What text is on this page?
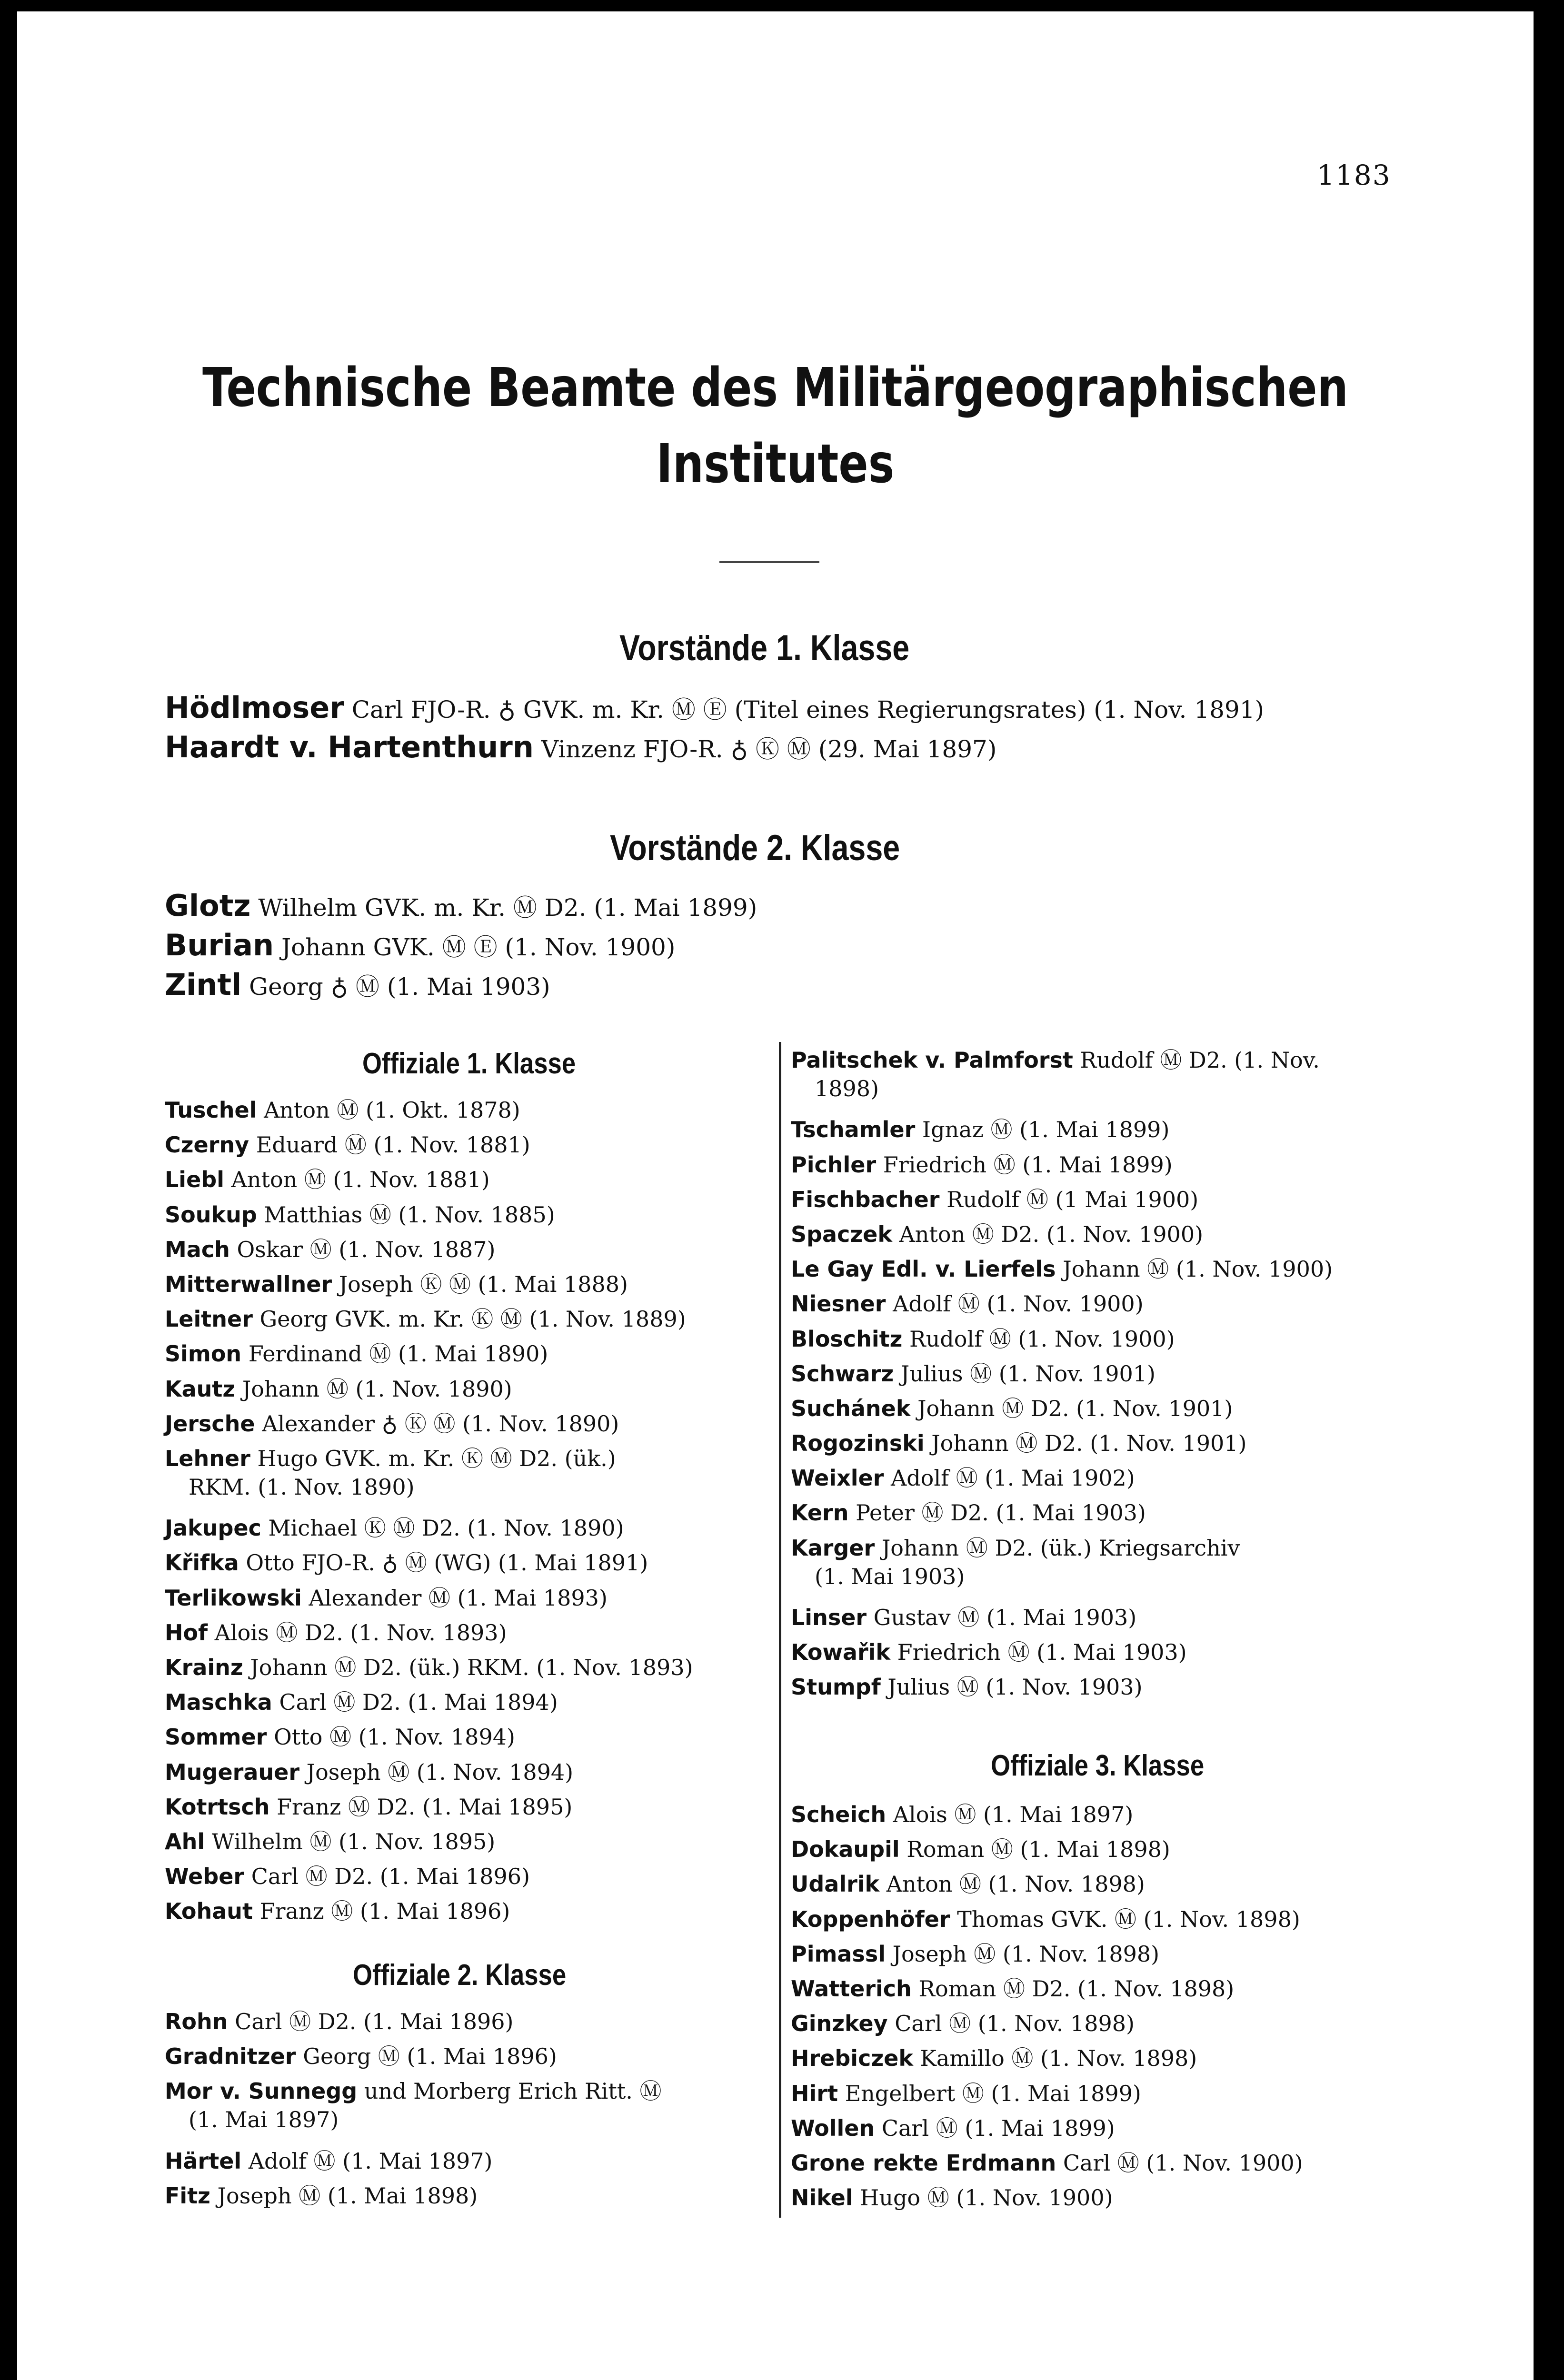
1183
Technische Beamte des Militärgeographischen
Institutes
Vorstände 1. Klasse
Hödlmoser Carl FJO-R. ♁ GVK. m. Kr. Ⓜ Ⓔ (Titel eines Regierungsrates) (1. Nov. 1891)
Haardt v. Hartenthurn Vinzenz FJO-R. ♁ Ⓚ Ⓜ (29. Mai 1897)
Vorstände 2. Klasse
Glotz Wilhelm GVK. m. Kr. Ⓜ D2. (1. Mai 1899)
Burian Johann GVK. Ⓜ Ⓔ (1. Nov. 1900)
Zintl Georg ♁ Ⓜ (1. Mai 1903)
Offiziale 1. Klasse
Tuschel Anton Ⓜ (1. Okt. 1878)
Czerny Eduard Ⓜ (1. Nov. 1881)
Liebl Anton Ⓜ (1. Nov. 1881)
Soukup Matthias Ⓜ (1. Nov. 1885)
Mach Oskar Ⓜ (1. Nov. 1887)
Mitterwallner Joseph Ⓚ Ⓜ (1. Mai 1888)
Leitner Georg GVK. m. Kr. Ⓚ Ⓜ (1. Nov. 1889)
Simon Ferdinand Ⓜ (1. Mai 1890)
Kautz Johann Ⓜ (1. Nov. 1890)
Jersche Alexander ♁ Ⓚ Ⓜ (1. Nov. 1890)
Lehner Hugo GVK. m. Kr. Ⓚ Ⓜ D2. (ük.)
RKM. (1. Nov. 1890)
Jakupec Michael Ⓚ Ⓜ D2. (1. Nov. 1890)
Křifka Otto FJO-R. ♁ Ⓜ (WG) (1. Mai 1891)
Terlikowski Alexander Ⓜ (1. Mai 1893)
Hof Alois Ⓜ D2. (1. Nov. 1893)
Krainz Johann Ⓜ D2. (ük.) RKM. (1. Nov. 1893)
Maschka Carl Ⓜ D2. (1. Mai 1894)
Sommer Otto Ⓜ (1. Nov. 1894)
Mugerauer Joseph Ⓜ (1. Nov. 1894)
Kotrtsch Franz Ⓜ D2. (1. Mai 1895)
Ahl Wilhelm Ⓜ (1. Nov. 1895)
Weber Carl Ⓜ D2. (1. Mai 1896)
Kohaut Franz Ⓜ (1. Mai 1896)
Offiziale 2. Klasse
Rohn Carl Ⓜ D2. (1. Mai 1896)
Gradnitzer Georg Ⓜ (1. Mai 1896)
Mor v. Sunnegg und Morberg Erich Ritt. Ⓜ
(1. Mai 1897)
Härtel Adolf Ⓜ (1. Mai 1897)
Fitz Joseph Ⓜ (1. Mai 1898)
Palitschek v. Palmforst Rudolf Ⓜ D2. (1. Nov.
1898)
Tschamler Ignaz Ⓜ (1. Mai 1899)
Pichler Friedrich Ⓜ (1. Mai 1899)
Fischbacher Rudolf Ⓜ (1 Mai 1900)
Spaczek Anton Ⓜ D2. (1. Nov. 1900)
Le Gay Edl. v. Lierfels Johann Ⓜ (1. Nov. 1900)
Niesner Adolf Ⓜ (1. Nov. 1900)
Bloschitz Rudolf Ⓜ (1. Nov. 1900)
Schwarz Julius Ⓜ (1. Nov. 1901)
Suchánek Johann Ⓜ D2. (1. Nov. 1901)
Rogozinski Johann Ⓜ D2. (1. Nov. 1901)
Weixler Adolf Ⓜ (1. Mai 1902)
Kern Peter Ⓜ D2. (1. Mai 1903)
Karger Johann Ⓜ D2. (ük.) Kriegsarchiv
(1. Mai 1903)
Linser Gustav Ⓜ (1. Mai 1903)
Kowařik Friedrich Ⓜ (1. Mai 1903)
Stumpf Julius Ⓜ (1. Nov. 1903)
Offiziale 3. Klasse
Scheich Alois Ⓜ (1. Mai 1897)
Dokaupil Roman Ⓜ (1. Mai 1898)
Udalrik Anton Ⓜ (1. Nov. 1898)
Koppenhöfer Thomas GVK. Ⓜ (1. Nov. 1898)
Pimassl Joseph Ⓜ (1. Nov. 1898)
Watterich Roman Ⓜ D2. (1. Nov. 1898)
Ginzkey Carl Ⓜ (1. Nov. 1898)
Hrebiczek Kamillo Ⓜ (1. Nov. 1898)
Hirt Engelbert Ⓜ (1. Mai 1899)
Wollen Carl Ⓜ (1. Mai 1899)
Grone rekte Erdmann Carl Ⓜ (1. Nov. 1900)
Nikel Hugo Ⓜ (1. Nov. 1900)
